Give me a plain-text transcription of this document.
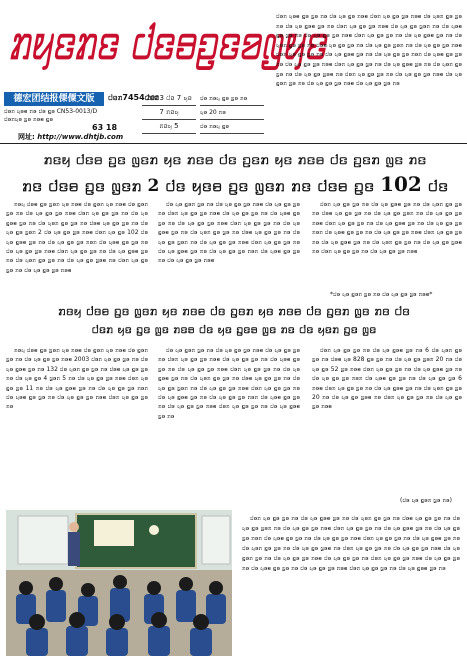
ꤊꤟꤢꤊꤢ ꤓꤢꤋꤑꤢꤤꤜꤟꤢ
德宏团结报傈僳文版	ꤓꤢꤊ7454ꤓꤢꤊ
ꤓꤢꤊ ꤟꤢꤋ ꤊꤢ ꤓꤢ ꤑꤢ CN53-0013/D
ꤓꤢꤊꤟꤢ ꤜꤢ ꤊꤢꤋ ꤑꤢ
63 18
网址: http://www.dhtjb.com
2023 ꤓꤢ 7 ꤟꤢ
7 ꤊꤢꤟ
ꤊꤢꤟ 5
ꤓꤢ ꤊꤢꤟ ꤑꤢ ꤜꤢ ꤊꤢ
ꤟꤢ 20 ꤊꤢ
ꤓꤢ ꤊꤢꤟ ꤑꤢ
ꤓꤢꤊ ꤟꤢꤋ ꤑꤢ ꤜꤢ ꤊꤢ ꤓꤢ ꤟꤢ ꤑꤢ ꤊꤢꤋ ꤓꤢꤊ ꤟꤢ ꤑꤢ ꤜꤢ ꤊꤢꤋ ꤓꤢ ꤟꤢꤊ ꤑꤢ ꤜꤢ ꤊꤢ ꤓꤢ ꤟꤢ ꤑꤢꤋ ꤜꤢ ꤊꤢ ꤓꤢꤊ ꤟꤢ ꤑꤢ ꤜꤢ ꤊꤢꤋ ꤓꤢ ꤟꤢ ꤑꤢ ꤜꤢꤊ ꤊꤢ ꤓꤢ ꤟꤢꤋ ꤑꤢ ꤜꤢ ꤊꤢ ꤓꤢ ꤟꤢ ꤑꤢ ꤜꤢ ꤊꤢꤋ ꤓꤢꤊ ꤟꤢ ꤑꤢ ꤜꤢ ꤊꤢ ꤓꤢ ꤟꤢ ꤑꤢꤋ ꤜꤢ ꤊꤢ ꤓꤢ ꤟꤢꤊ ꤑꤢ ꤜꤢ ꤊꤢ ꤓꤢꤋ ꤟꤢ ꤑꤢ ꤜꤢ ꤊꤢ ꤓꤢ ꤟꤢ ꤑꤢ ꤜꤢꤊ ꤊꤢ ꤓꤢ ꤟꤢ ꤑꤢ ꤜꤢ ꤊꤢꤋ ꤓꤢꤊ ꤟꤢ ꤑꤢ ꤜꤢ ꤊꤢ ꤓꤢ ꤟꤢ ꤑꤢꤋ ꤜꤢ ꤊꤢ ꤓꤢ ꤟꤢ ꤑꤢ ꤜꤢ ꤊꤢꤊ ꤓꤢ ꤟꤢꤋ ꤑꤢ ꤜꤢ ꤊꤢ ꤓꤢ ꤟꤢ ꤑꤢ ꤜꤢ ꤊꤢꤋ ꤓꤢꤊ ꤟꤢ ꤑꤢ ꤜꤢ ꤊꤢ ꤓꤢ ꤟꤢ ꤑꤢꤋ ꤜꤢ ꤊꤢ ꤓꤢ ꤟꤢꤊ ꤑꤢ ꤜꤢ ꤊꤢ ꤓꤢ ꤟꤢ ꤑꤢ ꤜꤢꤋ ꤊꤢ ꤓꤢꤊ ꤟꤢ ꤑꤢ ꤜꤢ ꤊꤢ ꤓꤢ ꤟꤢ ꤑꤢ ꤜꤢ ꤊꤢꤋ ꤓꤢ ꤟꤢ ꤑꤢꤊ ꤜꤢ ꤊꤢ ꤓꤢ ꤟꤢ ꤑꤢ ꤜꤢ ꤊꤢꤋ ꤓꤢ ꤟꤢ ꤑꤢ ꤜꤢ ꤊꤢ
ꤊꤢꤟ ꤓꤢꤋ ꤑꤢ ꤜꤢꤊ ꤟꤢ ꤊꤢꤋ ꤓꤢ ꤑꤢꤊ ꤟꤢ ꤊꤢꤋ ꤓꤢ ꤑꤢꤊ ꤜꤢ ꤊꤢ
ꤊꤢ ꤓꤢꤋ ꤑꤢ ꤜꤢꤊ 2 ꤓꤢ ꤟꤢꤋ ꤑꤢ ꤜꤢꤊ ꤊꤢ ꤓꤢꤋ ꤑꤢ 102 ꤓꤢ

ꤊꤢꤟ ꤓꤢꤋ ꤑꤢ ꤜꤢꤊ ꤟꤢ ꤊꤢꤋ ꤓꤢ ꤑꤢꤊ ꤟꤢ ꤊꤢꤋ ꤓꤢ ꤑꤢꤊ ꤜꤢ ꤊꤢ ꤓꤢ ꤟꤢ ꤑꤢ ꤜꤢ ꤊꤢꤋ ꤓꤢꤊ ꤟꤢ ꤑꤢ ꤜꤢ ꤊꤢ ꤓꤢ ꤟꤢ ꤑꤢꤋ ꤜꤢ ꤊꤢ ꤓꤢ ꤟꤢꤊ ꤑꤢ ꤜꤢ ꤊꤢ ꤓꤢꤋ ꤟꤢ ꤑꤢ ꤜꤢ ꤊꤢ ꤓꤢ ꤟꤢ ꤑꤢ ꤜꤢꤊ 2 ꤓꤢ ꤟꤢ ꤑꤢ ꤜꤢ ꤊꤢꤋ ꤓꤢꤊ ꤟꤢ ꤑꤢ 102 ꤓꤢ ꤟꤢ ꤑꤢꤋ ꤜꤢ ꤊꤢ ꤓꤢ ꤟꤢ ꤑꤢ ꤜꤢ ꤊꤢꤊ ꤓꤢ ꤟꤢꤋ ꤑꤢ ꤜꤢ ꤊꤢ ꤓꤢ ꤟꤢ ꤑꤢ ꤜꤢ ꤊꤢꤋ ꤓꤢꤊ ꤟꤢ ꤑꤢ ꤜꤢ ꤊꤢ ꤓꤢ ꤟꤢ ꤑꤢꤋ ꤜꤢ ꤊꤢ ꤓꤢ ꤟꤢꤊ ꤑꤢ ꤜꤢ ꤊꤢ ꤓꤢ ꤟꤢ ꤑꤢ ꤜꤢꤋ ꤊꤢ ꤓꤢꤊ ꤟꤢ ꤑꤢ ꤜꤢ ꤊꤢ ꤓꤢ ꤟꤢ ꤑꤢ ꤜꤢ ꤊꤢꤋ

ꤓꤢ ꤟꤢ ꤑꤢꤊ ꤜꤢ ꤊꤢ ꤓꤢ ꤟꤢ ꤑꤢ ꤜꤢ ꤊꤢꤋ ꤓꤢ ꤟꤢ ꤑꤢ ꤜꤢ ꤊꤢ ꤓꤢꤊ ꤟꤢ ꤑꤢ ꤜꤢ ꤊꤢꤋ ꤓꤢ ꤟꤢ ꤑꤢ ꤜꤢ ꤊꤢ ꤓꤢ ꤟꤢꤋ ꤑꤢ ꤜꤢ ꤊꤢ ꤓꤢ ꤟꤢ ꤑꤢ ꤜꤢ ꤊꤢꤋ ꤓꤢꤊ ꤟꤢ ꤑꤢ ꤜꤢ ꤊꤢ ꤓꤢ ꤟꤢ ꤑꤢꤋ ꤜꤢ ꤊꤢ ꤓꤢ ꤟꤢꤊ ꤑꤢ ꤜꤢ ꤊꤢ ꤓꤢꤋ ꤟꤢ ꤑꤢ ꤜꤢ ꤊꤢ ꤓꤢ ꤟꤢ ꤑꤢ ꤜꤢꤊ ꤊꤢ ꤓꤢ ꤟꤢ ꤑꤢ ꤜꤢ ꤊꤢꤋ ꤓꤢꤊ ꤟꤢ ꤑꤢ ꤜꤢ ꤊꤢ ꤓꤢ ꤟꤢ ꤑꤢꤋ ꤜꤢ ꤊꤢ ꤓꤢ ꤟꤢ ꤑꤢ ꤜꤢ ꤊꤢꤊ ꤓꤢ ꤟꤢꤋ ꤑꤢ ꤜꤢ ꤊꤢ ꤓꤢ ꤟꤢ ꤑꤢ ꤜꤢ ꤊꤢꤋ

ꤓꤢꤊ ꤟꤢ ꤑꤢ ꤜꤢ ꤊꤢ ꤓꤢ ꤟꤢ ꤑꤢꤋ ꤜꤢ ꤊꤢ ꤓꤢ ꤟꤢꤊ ꤑꤢ ꤜꤢ ꤊꤢ ꤓꤢꤋ ꤟꤢ ꤑꤢ ꤜꤢ ꤊꤢ ꤓꤢ ꤟꤢ ꤑꤢ ꤜꤢꤊ ꤊꤢ ꤓꤢ ꤟꤢ ꤑꤢ ꤜꤢ ꤊꤢꤋ ꤓꤢꤊ ꤟꤢ ꤑꤢ ꤜꤢ ꤊꤢ ꤓꤢ ꤟꤢ ꤑꤢꤋ ꤜꤢ ꤊꤢ ꤓꤢ ꤟꤢ ꤑꤢ ꤜꤢ ꤊꤢꤊ ꤓꤢ ꤟꤢꤋ ꤑꤢ ꤜꤢ ꤊꤢ ꤓꤢ ꤟꤢ ꤑꤢ ꤜꤢ ꤊꤢꤋ ꤓꤢꤊ ꤟꤢ ꤑꤢ ꤜꤢ ꤊꤢ ꤓꤢ ꤟꤢ ꤑꤢꤋ ꤜꤢ ꤊꤢ ꤓꤢ ꤟꤢꤊ ꤑꤢ ꤜꤢ ꤊꤢ ꤓꤢ ꤟꤢ ꤑꤢ ꤜꤢꤋ ꤊꤢ ꤓꤢꤊ ꤟꤢ ꤑꤢ ꤜꤢ ꤊꤢ ꤓꤢ ꤟꤢ ꤑꤢ ꤜꤢ ꤊꤢꤋ

*ꤓꤢ ꤟꤢ ꤑꤢꤊ ꤜꤢ ꤊꤢ ꤓꤢ ꤟꤢ ꤑꤢ ꤜꤢ ꤊꤢꤋ*
ꤊꤢꤟ ꤓꤢꤋ ꤑꤢ ꤜꤢꤊ ꤟꤢ ꤊꤢꤋ ꤓꤢ ꤑꤢꤊ ꤟꤢ ꤊꤢꤋ ꤓꤢ ꤑꤢꤊ ꤜꤢ ꤊꤢ ꤓꤢ
ꤓꤢꤊ ꤟꤢ ꤑꤢ ꤜꤢ ꤊꤢꤋ ꤓꤢ ꤟꤢ ꤑꤢꤋ ꤜꤢ ꤊꤢ ꤓꤢ ꤟꤢꤊ ꤑꤢ ꤜꤢ

ꤊꤢꤟ ꤓꤢꤋ ꤑꤢ ꤜꤢꤊ ꤟꤢ ꤊꤢꤋ ꤓꤢ ꤑꤢꤊ ꤟꤢ ꤊꤢꤋ ꤓꤢ ꤑꤢꤊ ꤜꤢ ꤊꤢ ꤓꤢ ꤟꤢ ꤑꤢ ꤜꤢ ꤊꤢꤋ 2003 ꤓꤢꤊ ꤟꤢ ꤑꤢ ꤜꤢ ꤊꤢ ꤓꤢ ꤟꤢ ꤑꤢꤋ ꤜꤢ ꤊꤢ 132 ꤓꤢ ꤟꤢꤊ ꤑꤢ ꤜꤢ ꤊꤢ ꤓꤢꤋ ꤟꤢ ꤑꤢ ꤜꤢ ꤊꤢ ꤓꤢ ꤟꤢ ꤑꤢ 4 ꤜꤢꤊ 5 ꤊꤢ ꤓꤢ ꤟꤢ ꤑꤢ ꤜꤢ ꤊꤢꤋ ꤓꤢꤊ ꤟꤢ ꤑꤢ ꤜꤢ 11 ꤊꤢ ꤓꤢ ꤟꤢ ꤑꤢꤋ ꤜꤢ ꤊꤢ ꤓꤢ ꤟꤢ ꤑꤢ ꤜꤢ ꤊꤢꤊ ꤓꤢ ꤟꤢꤋ ꤑꤢ ꤜꤢ ꤊꤢ ꤓꤢ ꤟꤢ ꤑꤢ ꤜꤢ ꤊꤢꤋ ꤓꤢꤊ ꤟꤢ ꤑꤢ ꤜꤢ ꤊꤢ

ꤓꤢ ꤟꤢ ꤑꤢꤊ ꤜꤢ ꤊꤢ ꤓꤢ ꤟꤢ ꤑꤢ ꤜꤢ ꤊꤢꤋ ꤓꤢ ꤟꤢ ꤑꤢ ꤜꤢ ꤊꤢ ꤓꤢꤊ ꤟꤢ ꤑꤢ ꤜꤢ ꤊꤢꤋ ꤓꤢ ꤟꤢ ꤑꤢ ꤜꤢ ꤊꤢ ꤓꤢ ꤟꤢꤋ ꤑꤢ ꤜꤢ ꤊꤢ ꤓꤢ ꤟꤢ ꤑꤢ ꤜꤢ ꤊꤢꤋ ꤓꤢꤊ ꤟꤢ ꤑꤢ ꤜꤢ ꤊꤢ ꤓꤢ ꤟꤢ ꤑꤢꤋ ꤜꤢ ꤊꤢ ꤓꤢ ꤟꤢꤊ ꤑꤢ ꤜꤢ ꤊꤢ ꤓꤢꤋ ꤟꤢ ꤑꤢ ꤜꤢ ꤊꤢ ꤓꤢ ꤟꤢ ꤑꤢ ꤜꤢꤊ ꤊꤢ ꤓꤢ ꤟꤢ ꤑꤢ ꤜꤢ ꤊꤢꤋ ꤓꤢꤊ ꤟꤢ ꤑꤢ ꤜꤢ ꤊꤢ ꤓꤢ ꤟꤢ ꤑꤢꤋ ꤜꤢ ꤊꤢ ꤓꤢ ꤟꤢ ꤑꤢ ꤜꤢ ꤊꤢꤊ ꤓꤢ ꤟꤢꤋ ꤑꤢ ꤜꤢ ꤊꤢ ꤓꤢ ꤟꤢ ꤑꤢ ꤜꤢ ꤊꤢꤋ ꤓꤢꤊ ꤟꤢ ꤑꤢ ꤜꤢ ꤊꤢ ꤓꤢ ꤟꤢ ꤑꤢꤋ ꤜꤢ ꤊꤢ

ꤓꤢꤊ ꤟꤢ ꤑꤢ ꤜꤢ ꤊꤢ ꤓꤢ ꤟꤢ ꤑꤢꤋ ꤜꤢ ꤊꤢ 6 ꤓꤢ ꤟꤢꤊ ꤑꤢ ꤜꤢ ꤊꤢ ꤓꤢꤋ ꤟꤢ 828 ꤑꤢ ꤜꤢ ꤊꤢ ꤓꤢ ꤟꤢ ꤑꤢ ꤜꤢꤊ 20 ꤊꤢ ꤓꤢ ꤟꤢ ꤑꤢ 52 ꤜꤢ ꤊꤢꤋ ꤓꤢꤊ ꤟꤢ ꤑꤢ ꤜꤢ ꤊꤢ ꤓꤢ ꤟꤢ ꤑꤢꤋ ꤜꤢ ꤊꤢ ꤓꤢ ꤟꤢ ꤑꤢ ꤜꤢ ꤊꤢꤊ ꤓꤢ ꤟꤢꤋ ꤑꤢ ꤜꤢ ꤊꤢ ꤓꤢ ꤟꤢ ꤑꤢ ꤜꤢ 6 ꤊꤢꤋ ꤓꤢꤊ ꤟꤢ ꤑꤢ ꤜꤢ ꤊꤢ ꤓꤢ ꤟꤢ ꤑꤢꤋ ꤜꤢ ꤊꤢ ꤓꤢ ꤟꤢꤊ ꤑꤢ ꤜꤢ 20 ꤊꤢ ꤓꤢ ꤟꤢ ꤑꤢ ꤜꤢꤋ ꤊꤢ ꤓꤢꤊ ꤟꤢ ꤑꤢ ꤜꤢ ꤊꤢ ꤓꤢ ꤟꤢ ꤑꤢ ꤜꤢ ꤊꤢꤋ

(ꤓꤢ ꤟꤢ ꤑꤢꤊ ꤜꤢ ꤊꤢ)

ꤓꤢꤊ ꤟꤢ ꤑꤢ ꤜꤢ ꤊꤢ ꤓꤢ ꤟꤢ ꤑꤢꤋ ꤜꤢ ꤊꤢ ꤓꤢ ꤟꤢꤊ ꤑꤢ ꤜꤢ ꤊꤢ ꤓꤢꤋ ꤟꤢ ꤑꤢ ꤜꤢ ꤊꤢ ꤓꤢ ꤟꤢ ꤑꤢ ꤜꤢꤊ ꤊꤢ ꤓꤢ ꤟꤢ ꤑꤢ ꤜꤢ ꤊꤢꤋ ꤓꤢꤊ ꤟꤢ ꤑꤢ ꤜꤢ ꤊꤢ ꤓꤢ ꤟꤢ ꤑꤢꤋ ꤜꤢ ꤊꤢ ꤓꤢ ꤟꤢ ꤑꤢ ꤜꤢ ꤊꤢꤊ ꤓꤢ ꤟꤢꤋ ꤑꤢ ꤜꤢ ꤊꤢ ꤓꤢ ꤟꤢ ꤑꤢ ꤜꤢ ꤊꤢꤋ ꤓꤢꤊ ꤟꤢ ꤑꤢ ꤜꤢ ꤊꤢ ꤓꤢ ꤟꤢ ꤑꤢꤋ ꤜꤢ ꤊꤢ ꤓꤢ ꤟꤢꤊ ꤑꤢ ꤜꤢ ꤊꤢ ꤓꤢ ꤟꤢ ꤑꤢ ꤜꤢꤋ ꤊꤢ ꤓꤢꤊ ꤟꤢ ꤑꤢ ꤜꤢ ꤊꤢ ꤓꤢ ꤟꤢ ꤑꤢ ꤜꤢ ꤊꤢꤋ ꤓꤢ ꤟꤢ ꤑꤢꤊ ꤜꤢ ꤊꤢ ꤓꤢ ꤟꤢ ꤑꤢ ꤜꤢ ꤊꤢꤋ ꤓꤢ ꤟꤢ ꤑꤢ ꤜꤢ ꤊꤢ ꤓꤢꤊ ꤟꤢ ꤑꤢ ꤜꤢ ꤊꤢꤋ ꤓꤢ ꤟꤢ ꤑꤢ ꤜꤢ ꤊꤢ ꤓꤢ ꤟꤢꤋ ꤑꤢ ꤜꤢ ꤊꤢ ꤓꤢ ꤟꤢ ꤑꤢ ꤜꤢ ꤊꤢꤋ ꤓꤢꤊ ꤟꤢ ꤑꤢ ꤜꤢ ꤊꤢ ꤓꤢ ꤟꤢ ꤑꤢꤋ ꤜꤢ ꤊꤢ
